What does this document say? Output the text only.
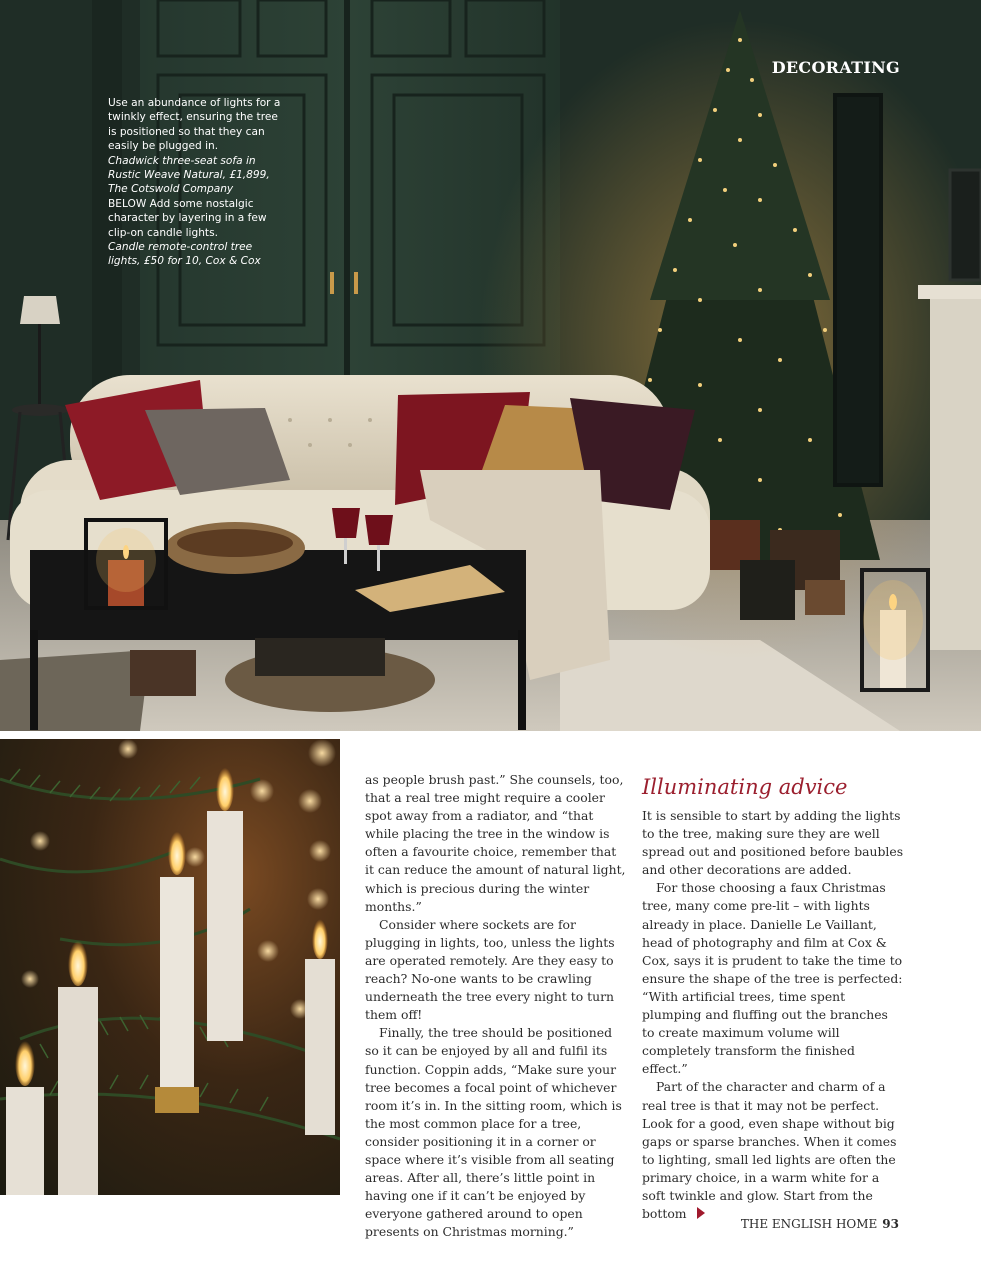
DECORATING
Use an abundance of lights for a twinkly effect, ensuring the tree is positioned so that they can easily be plugged in.
Chadwick three-seat sofa in Rustic Weave Natural, £1,899, The Cotswold Company
BELOW Add some nostalgic character by layering in a few clip-on candle lights.
Candle remote-control tree lights, £50 for 10, Cox & Cox

as people brush past.” She counsels, too, that a real tree might require a cooler spot away from a radiator, and “that while placing the tree in the window is often a favourite choice, remember that it can reduce the amount of natural light, which is precious during the winter months.”

Consider where sockets are for plugging in lights, too, unless the lights are operated remotely. Are they easy to reach? No-one wants to be crawling underneath the tree every night to turn them off!

Finally, the tree should be positioned so it can be enjoyed by all and fulfil its function. Coppin adds, “Make sure your tree becomes a focal point of whichever room it’s in. In the sitting room, which is the most common place for a tree, consider positioning it in a corner or space where it’s visible from all seating areas. After all, there’s little point in having one if it can’t be enjoyed by everyone gathered around to open presents on Christmas morning.”

Illuminating advice

It is sensible to start by adding the lights to the tree, making sure they are well spread out and positioned before baubles and other decorations are added.

For those choosing a faux Christmas tree, many come pre-lit – with lights already in place. Danielle Le Vaillant, head of photography and film at Cox & Cox, says it is prudent to take the time to ensure the shape of the tree is perfected: “With artificial trees, time spent plumping and fluffing out the branches to create maximum volume will completely transform the finished effect.”

Part of the character and charm of a real tree is that it may not be perfect. Look for a good, even shape without big gaps or sparse branches. When it comes to lighting, small led lights are often the primary choice, in a warm white for a soft twinkle and glow. Start from the bottom

THE ENGLISH HOME 93
